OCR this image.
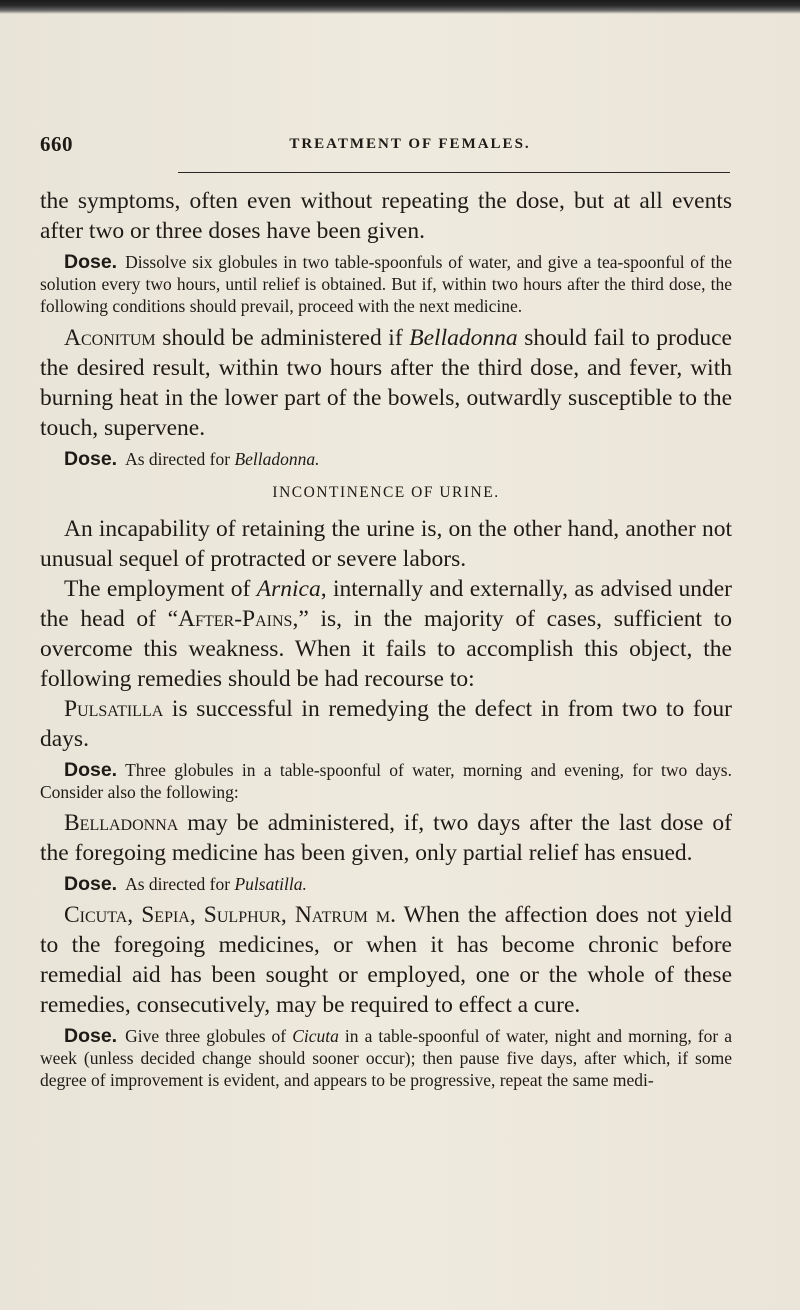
660	TREATMENT OF FEMALES.

the symptoms, often even without repeating the dose, but at all events after two or three doses have been given.

Dose. Dissolve six globules in two table-spoonfuls of water, and give a tea-spoonful of the solution every two hours, until relief is obtained. But if, within two hours after the third dose, the following conditions should prevail, proceed with the next medicine.

Aconitum should be administered if Belladonna should fail to produce the desired result, within two hours after the third dose, and fever, with burning heat in the lower part of the bowels, outwardly susceptible to the touch, supervene.

Dose. As directed for Belladonna.

INCONTINENCE OF URINE.

An incapability of retaining the urine is, on the other hand, another not unusual sequel of protracted or severe labors.

The employment of Arnica, internally and externally, as advised under the head of “After-Pains,” is, in the majority of cases, sufficient to overcome this weakness. When it fails to accomplish this object, the following remedies should be had recourse to:

Pulsatilla is successful in remedying the defect in from two to four days.

Dose. Three globules in a table-spoonful of water, morning and evening, for two days. Consider also the following:

Belladonna may be administered, if, two days after the last dose of the foregoing medicine has been given, only partial relief has ensued.

Dose. As directed for Pulsatilla.

Cicuta, Sepia, Sulphur, Natrum m. When the affection does not yield to the foregoing medicines, or when it has become chronic before remedial aid has been sought or employed, one or the whole of these remedies, consecutively, may be required to effect a cure.

Dose. Give three globules of Cicuta in a table-spoonful of water, night and morning, for a week (unless decided change should sooner occur); then pause five days, after which, if some degree of improvement is evident, and appears to be progressive, repeat the same medi-
